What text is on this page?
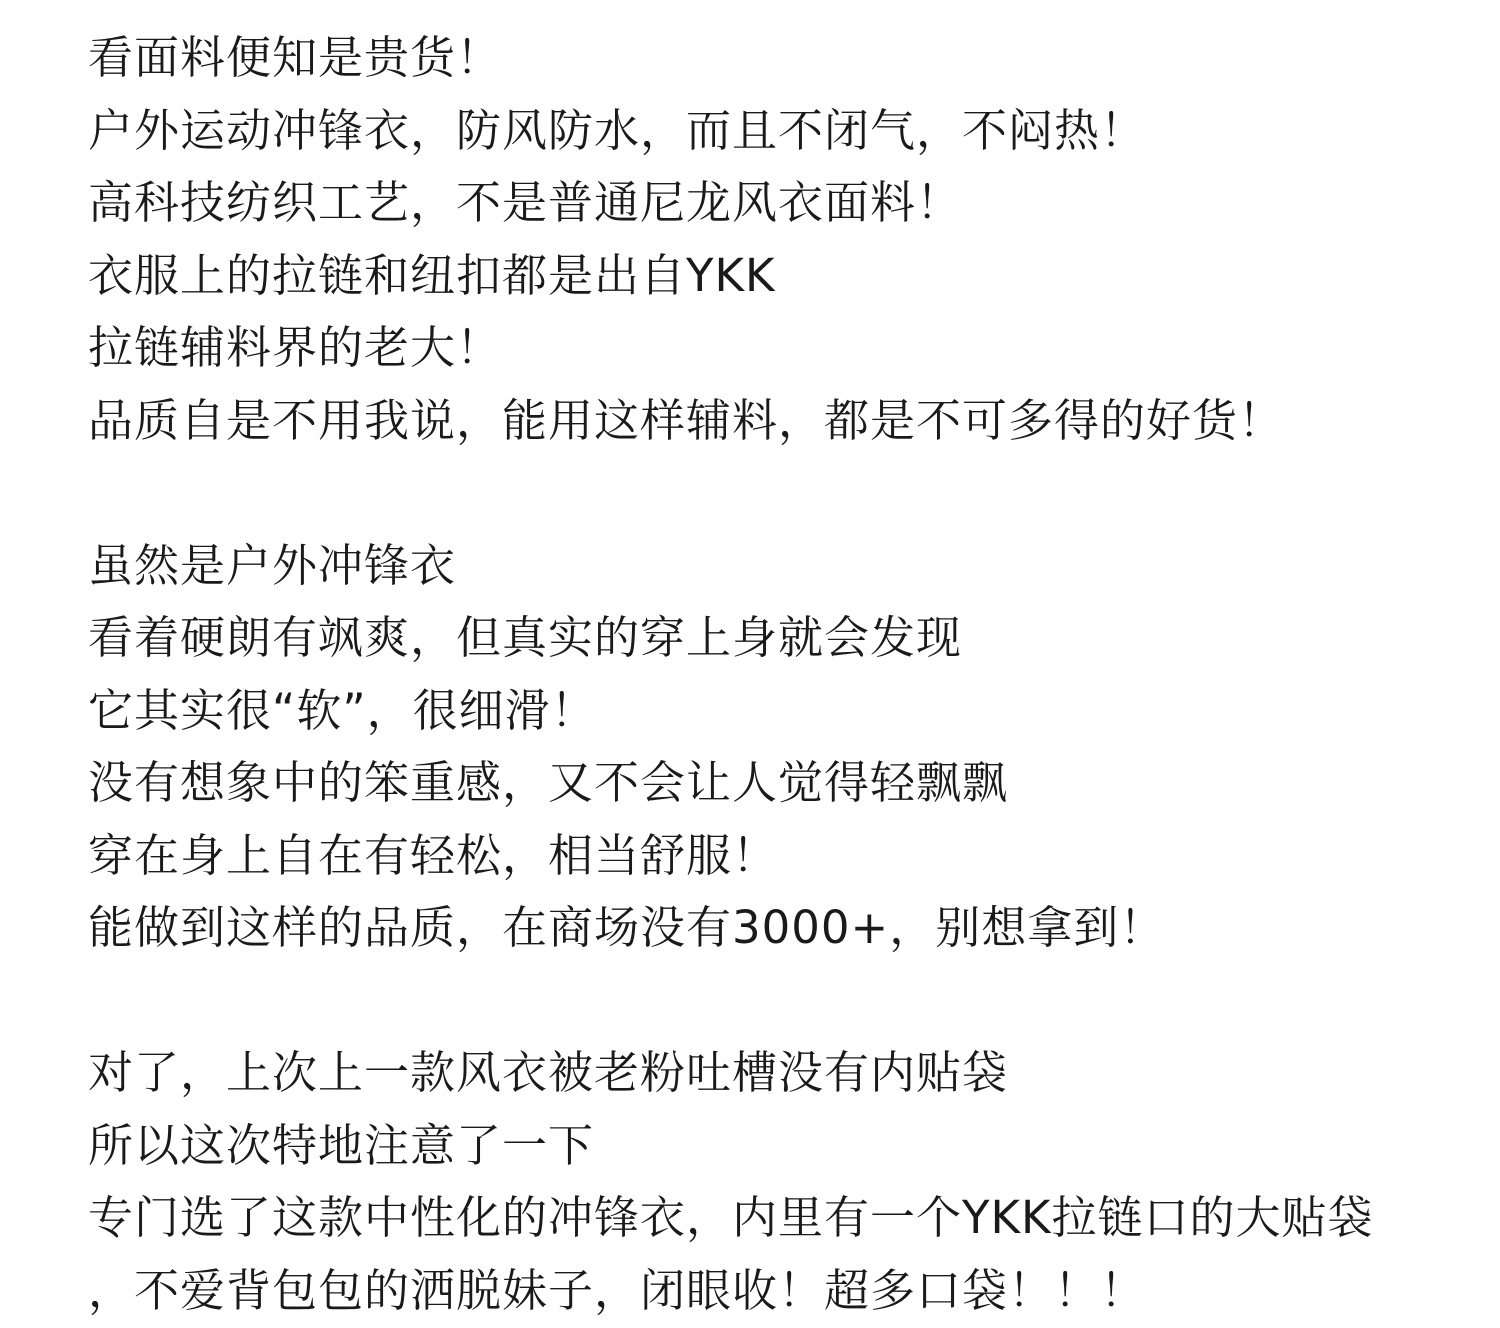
看面料便知是贵货！
户外运动冲锋衣，防风防水，而且不闭气，不闷热！
高科技纺织工艺，不是普通尼龙风衣面料！
衣服上的拉链和纽扣都是出自YKK
拉链辅料界的老大！
品质自是不用我说，能用这样辅料，都是不可多得的好货！
虽然是户外冲锋衣
看着硬朗有飒爽，但真实的穿上身就会发现
它其实很“软”，很细滑！
没有想象中的笨重感，又不会让人觉得轻飘飘
穿在身上自在有轻松，相当舒服！
能做到这样的品质，在商场没有3000+，别想拿到！
对了，上次上一款风衣被老粉吐槽没有内贴袋
所以这次特地注意了一下
专门选了这款中性化的冲锋衣，内里有一个YKK拉链口的大贴袋
，不爱背包包的洒脱妹子，闭眼收！超多口袋！！！
